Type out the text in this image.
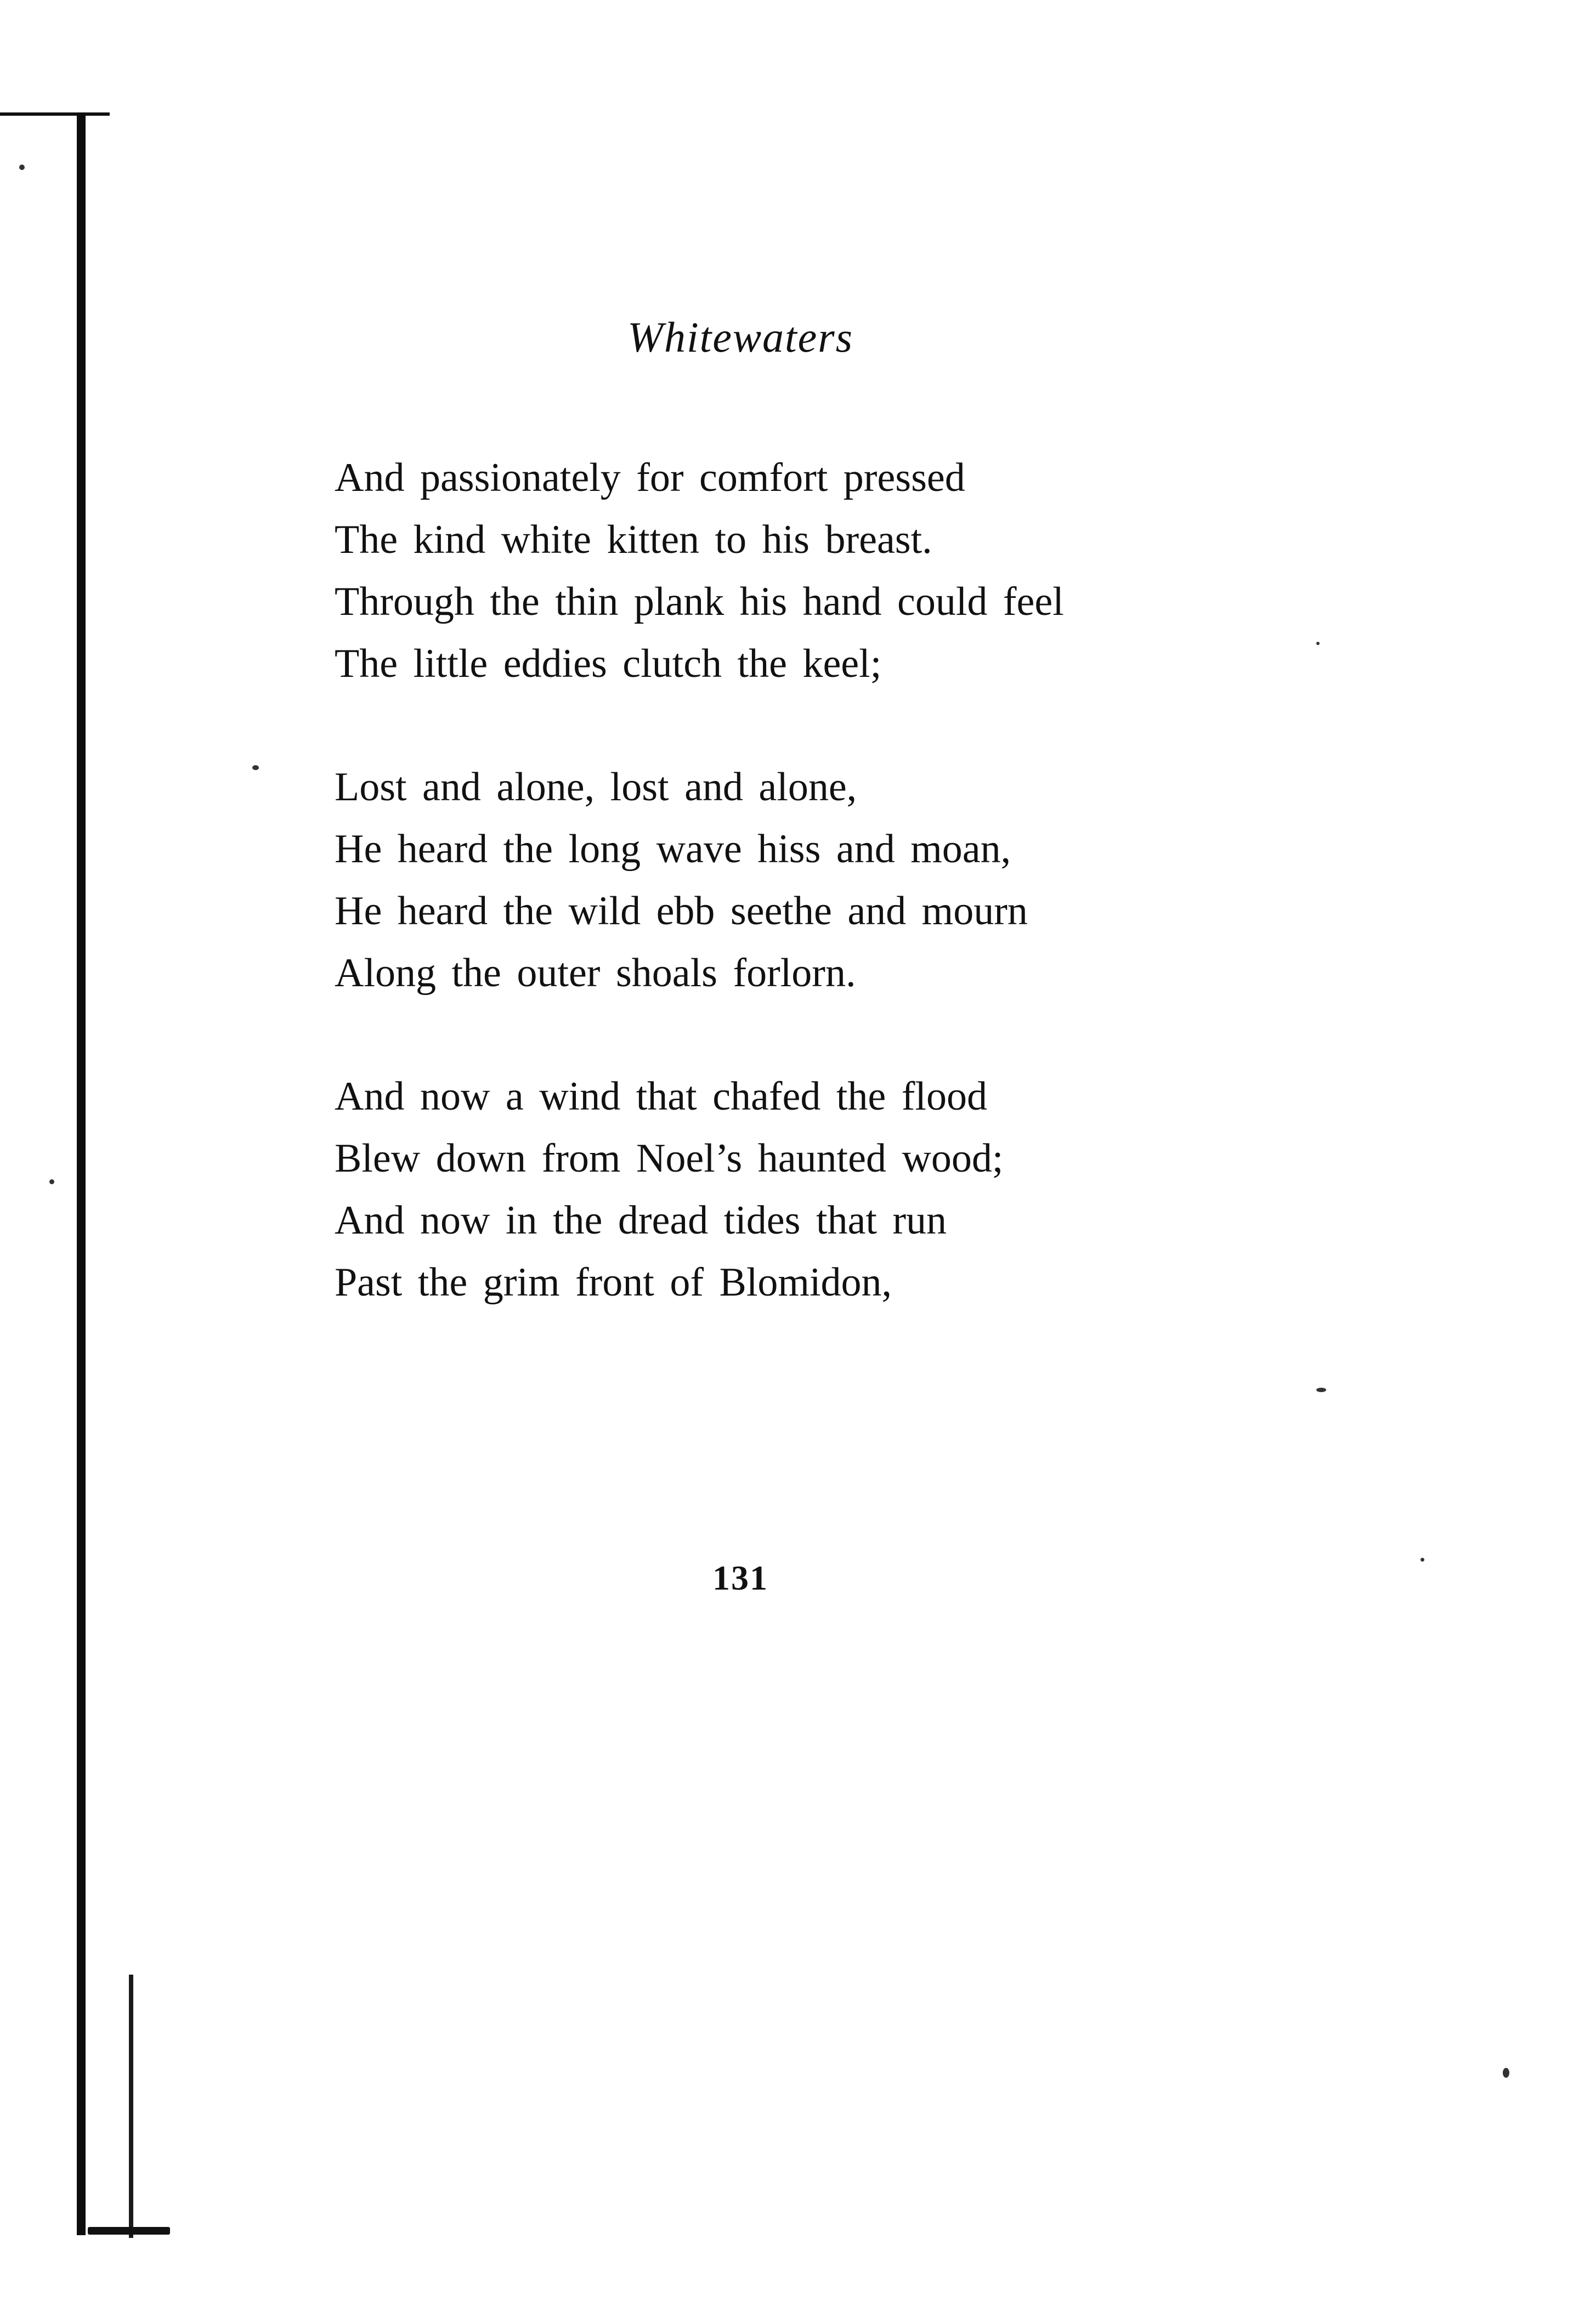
Whitewaters
And passionately for comfort pressed
The kind white kitten to his breast.
Through the thin plank his hand could feel
The little eddies clutch the keel;
Lost and alone, lost and alone,
He heard the long wave hiss and moan,
He heard the wild ebb seethe and mourn
Along the outer shoals forlorn.
And now a wind that chafed the flood
Blew down from Noel’s haunted wood;
And now in the dread tides that run
Past the grim front of Blomidon,
131
